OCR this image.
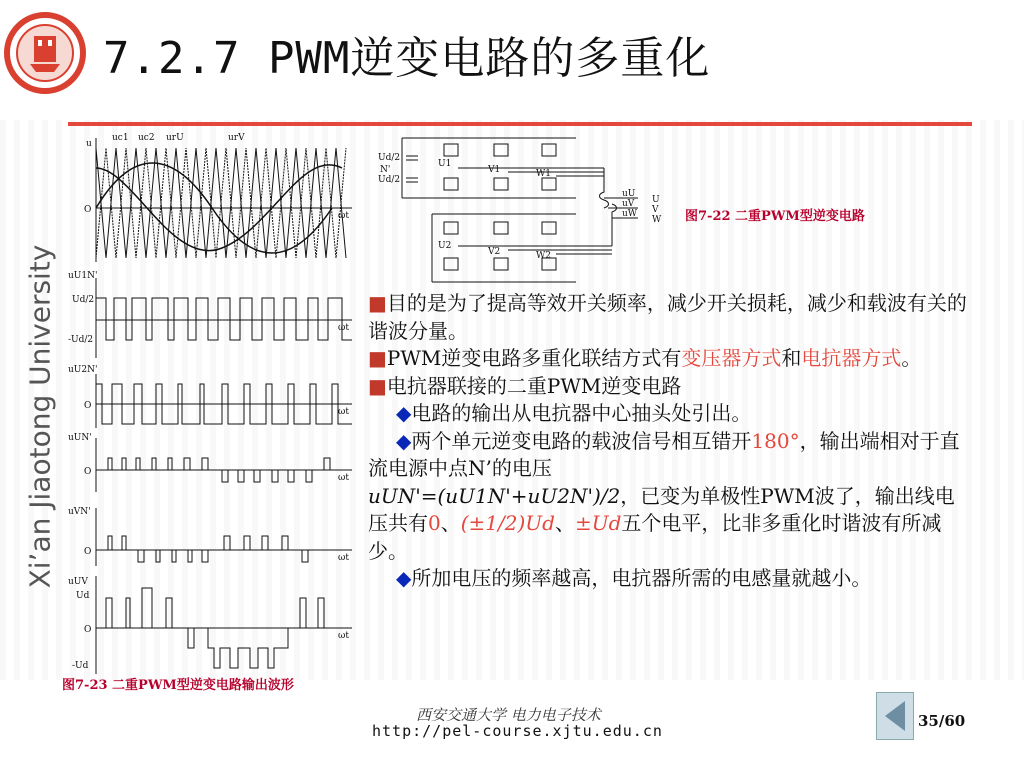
7.2.7 PWM逆变电路的多重化
Xi’an Jiaotong University
u
uc1 uc2 urU	urV
O
ωt
uU1N'
Ud/2
-Ud/2
ωt
uU2N'
O
ωt
uUN'
O
ωt
uVN'
O
ωt
uUV
Ud
O
-Ud
ωt
Ud/2
Ud/2
N'
U1
V1	W1
U2
V2	W2
uU
uV
uW
U
V
W 图7-22 二重PWM型逆变电路
图7-23 二重PWM型逆变电路输出波形

■目的是为了提高等效开关频率，减少开关损耗，减少和载波有关的谐波分量。

■PWM逆变电路多重化联结方式有变压器方式和电抗器方式。

■电抗器联接的二重PWM逆变电路

◆电路的输出从电抗器中心抽头处引出。

◆两个单元逆变电路的载波信号相互错开180°，输出端相对于直流电源中点N’的电压
uUN'=(uU1N'+uU2N')/2，已变为单极性PWM波了，输出线电压共有0、(±1/2)Ud、±Ud五个电平，比非多重化时谐波有所减少。

◆所加电压的频率越高，电抗器所需的电感量就越小。

西安交通大学 电力电子技术
http://pel-course.xjtu.edu.cn
35/60
